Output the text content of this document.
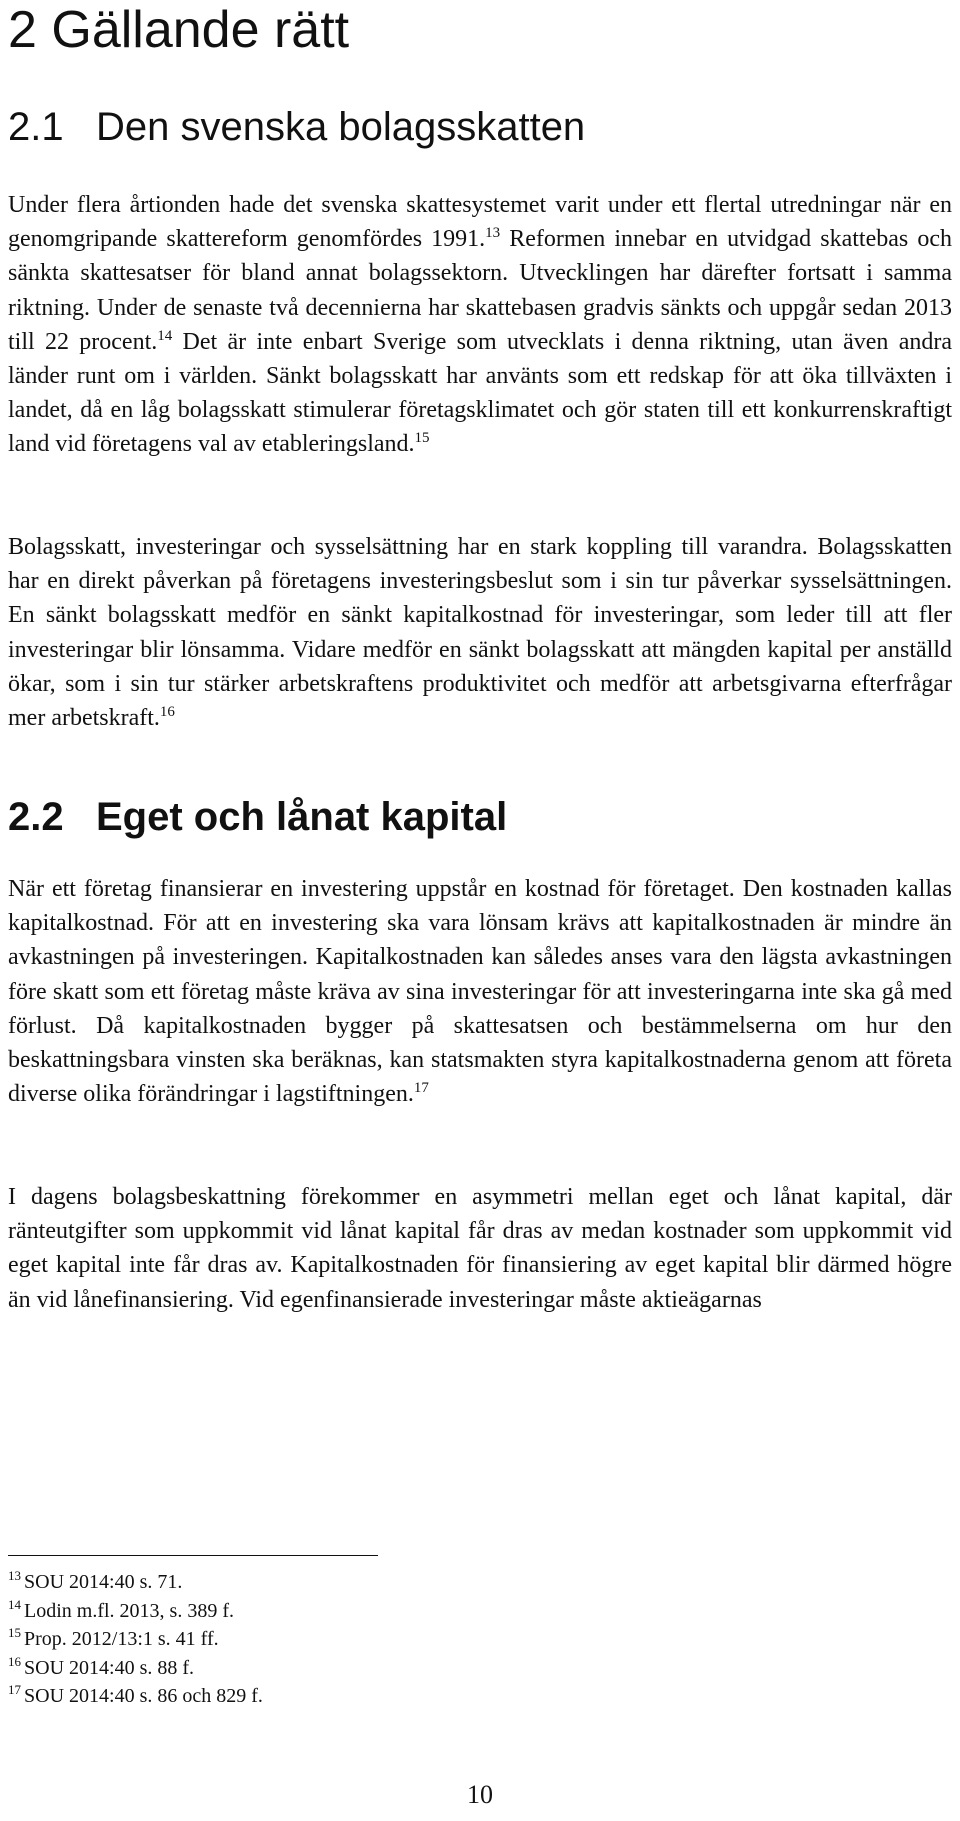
2 Gällande rätt
2.1 Den svenska bolagsskatten

Under flera årtionden hade det svenska skattesystemet varit under ett flertal utredningar när en genomgripande skattereform genomfördes 1991.13 Reformen innebar en utvidgad skattebas och sänkta skattesatser för bland annat bolagssektorn. Utvecklingen har därefter fortsatt i samma riktning. Under de senaste två decennierna har skattebasen gradvis sänkts och uppgår sedan 2013 till 22 procent.$^{14}$ Det är inte enbart Sverige som utvecklats i denna riktning, utan även andra länder runt om i världen. Sänkt bolagsskatt har använts som ett redskap för att öka tillväxten i landet, då en låg bolagsskatt stimulerar företagsklimatet och gör staten till ett konkurrenskraftigt land vid företagens val av etableringsland.$^{15}$

Bolagsskatt, investeringar och sysselsättning har en stark koppling till varandra. Bolagsskatten har en direkt påverkan på företagens investeringsbeslut som i sin tur påverkar sysselsättningen. En sänkt bolagsskatt medför en sänkt kapitalkostnad för investeringar, som leder till att fler investeringar blir lönsamma. Vidare medför en sänkt bolagsskatt att mängden kapital per anställd ökar, som i sin tur stärker arbetskraftens produktivitet och medför att arbetsgivarna efterfrågar mer arbetskraft.$^{16}$

2.2 Eget och lånat kapital

När ett företag finansierar en investering uppstår en kostnad för företaget. Den kostnaden kallas kapitalkostnad. För att en investering ska vara lönsam krävs att kapitalkostnaden är mindre än avkastningen på investeringen. Kapitalkostnaden kan således anses vara den lägsta avkastningen före skatt som ett företag måste kräva av sina investeringar för att investeringarna inte ska gå med förlust. Då kapitalkostnaden bygger på skattesatsen och bestämmelserna om hur den beskattningsbara vinsten ska beräknas, kan statsmakten styra kapitalkostnaderna genom att företa diverse olika förändringar i lagstiftningen.$^{17}$

I dagens bolagsbeskattning förekommer en asymmetri mellan eget och lånat kapital, där ränteutgifter som uppkommit vid lånat kapital får dras av medan kostnader som uppkommit vid eget kapital inte får dras av. Kapitalkostnaden för finansiering av eget kapital blir därmed högre än vid lånefinansiering. Vid egenfinansierade investeringar måste aktieägarnas

$^{13}$ SOU 2014:40 s. 71.
$^{14}$ Lodin m.fl. 2013, s. 389 f.
$^{15}$ Prop. 2012/13:1 s. 41 ff.
$^{16}$ SOU 2014:40 s. 88 f.
$^{17}$ SOU 2014:40 s. 86 och 829 f.
10
